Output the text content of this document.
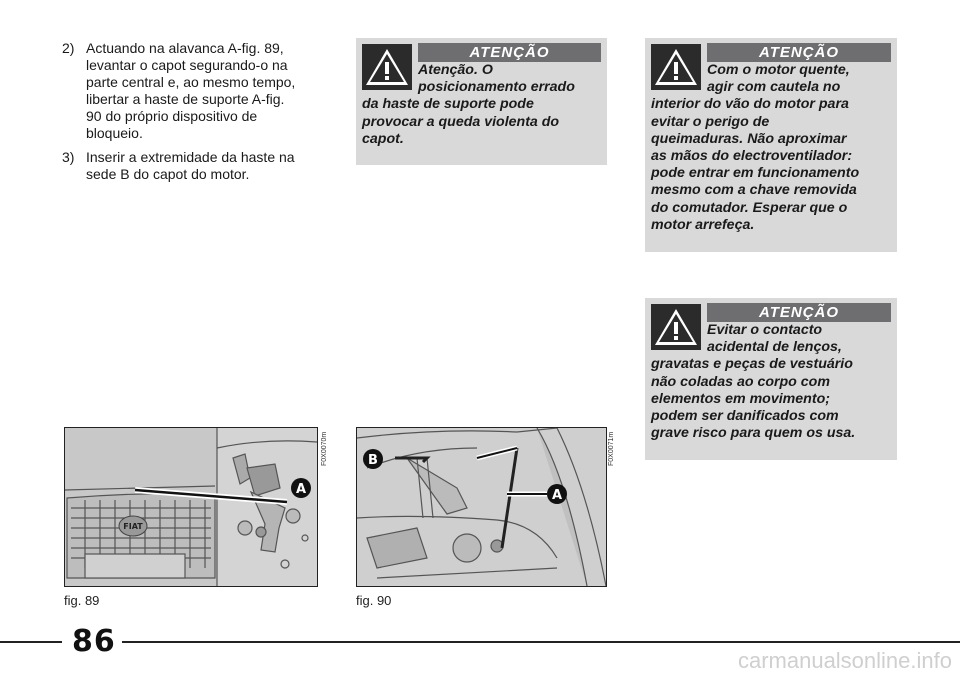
2) Actuando na alavanca A-fig. 89,
levantar o capot segurando-o na
parte central e, ao mesmo tempo,
libertar a haste de suporte A-fig.
90 do próprio dispositivo de
bloqueio.
3) Inserir a extremidade da haste na
sede B do capot do motor.
ATENÇÃO
Atenção. O
posicionamento errado
da haste de suporte pode
provocar a queda violenta do
capot.
ATENÇÃO
Com o motor quente,
agir com cautela no
interior do vão do motor para
evitar o perigo de
queimaduras. Não aproximar
as mãos do electroventilador:
pode entrar em funcionamento
mesmo com a chave removida
do comutador. Esperar que o
motor arrefeça.
ATENÇÃO
Evitar o contacto
acidental de lenços,
gravatas e peças de vestuário
não coladas ao corpo com
elementos em movimento;
podem ser danificados com
grave risco para quem os usa.
FIAT
A
F0X0070m
fig. 89
B
A
F0X0071m
fig. 90
86
carmanualsonline.info
